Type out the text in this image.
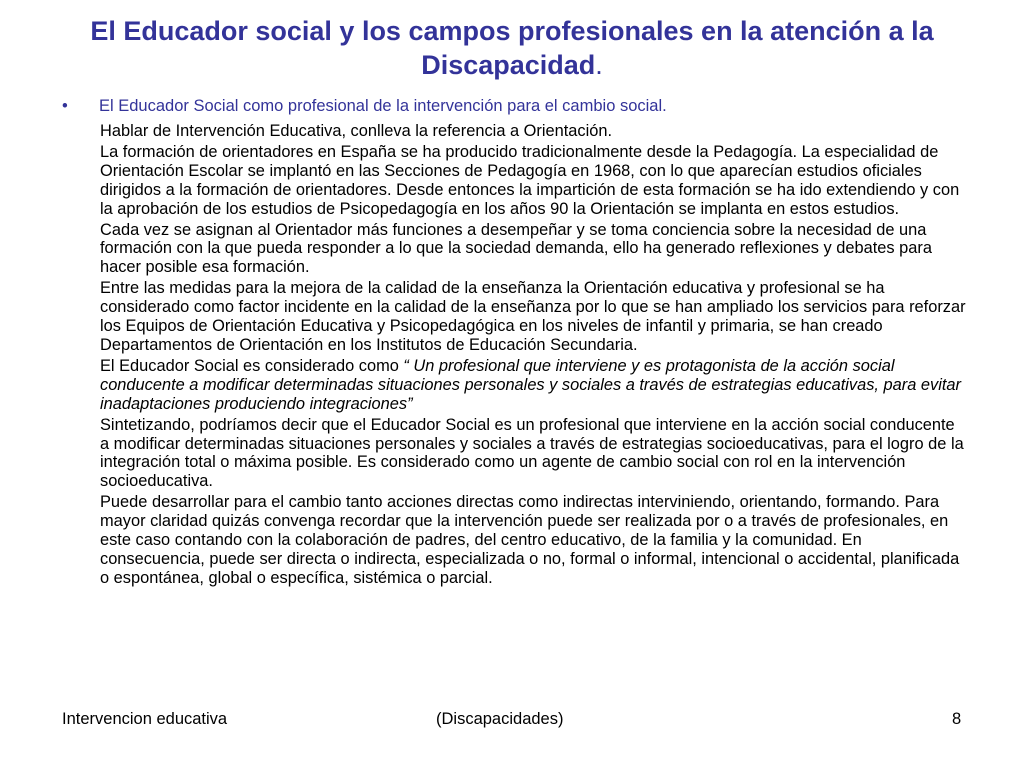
El Educador social y los campos profesionales en la atención a la
Discapacidad.
• El Educador Social como profesional de la intervención para el cambio social.

Hablar de Intervención Educativa, conlleva la referencia a Orientación.

La formación de orientadores en España se ha producido tradicionalmente desde la Pedagogía. La especialidad de Orientación Escolar se implantó en las Secciones de Pedagogía en 1968, con lo que aparecían estudios oficiales dirigidos a la formación de orientadores. Desde entonces la impartición de esta formación se ha ido extendiendo y con la aprobación de los estudios de Psicopedagogía en los años 90 la Orientación se implanta en estos estudios.

Cada vez se asignan al Orientador más funciones a desempeñar y se toma conciencia sobre la necesidad de una formación con la que pueda responder a lo que la sociedad demanda, ello ha generado reflexiones y debates para hacer posible esa formación.

Entre las medidas para la mejora de la calidad de la enseñanza la Orientación educativa y profesional se ha considerado como factor incidente en la calidad de la enseñanza por lo que se han ampliado los servicios para reforzar los Equipos de Orientación Educativa y Psicopedagógica en los niveles de infantil y primaria, se han creado Departamentos de Orientación en los Institutos de Educación Secundaria.

El Educador Social es considerado como “ Un profesional que interviene y es protagonista de la acción social conducente a modificar determinadas situaciones personales y sociales a través de estrategias educativas, para evitar inadaptaciones produciendo integraciones”

Sintetizando, podríamos decir que el Educador Social es un profesional que interviene en la acción social conducente a modificar determinadas situaciones personales y sociales a través de estrategias socioeducativas, para el logro de la integración total o máxima posible. Es considerado como un agente de cambio social con rol en la intervención socioeducativa.

Puede desarrollar para el cambio tanto acciones directas como indirectas interviniendo, orientando, formando. Para mayor claridad quizás convenga recordar que la intervención puede ser realizada por o a través de profesionales, en este caso contando con la colaboración de padres, del centro educativo, de la familia y la comunidad. En consecuencia, puede ser directa o indirecta, especializada o no, formal o informal, intencional o accidental, planificada o espontánea, global o específica, sistémica o parcial.

Intervencion educativa	(Discapacidades)	8
